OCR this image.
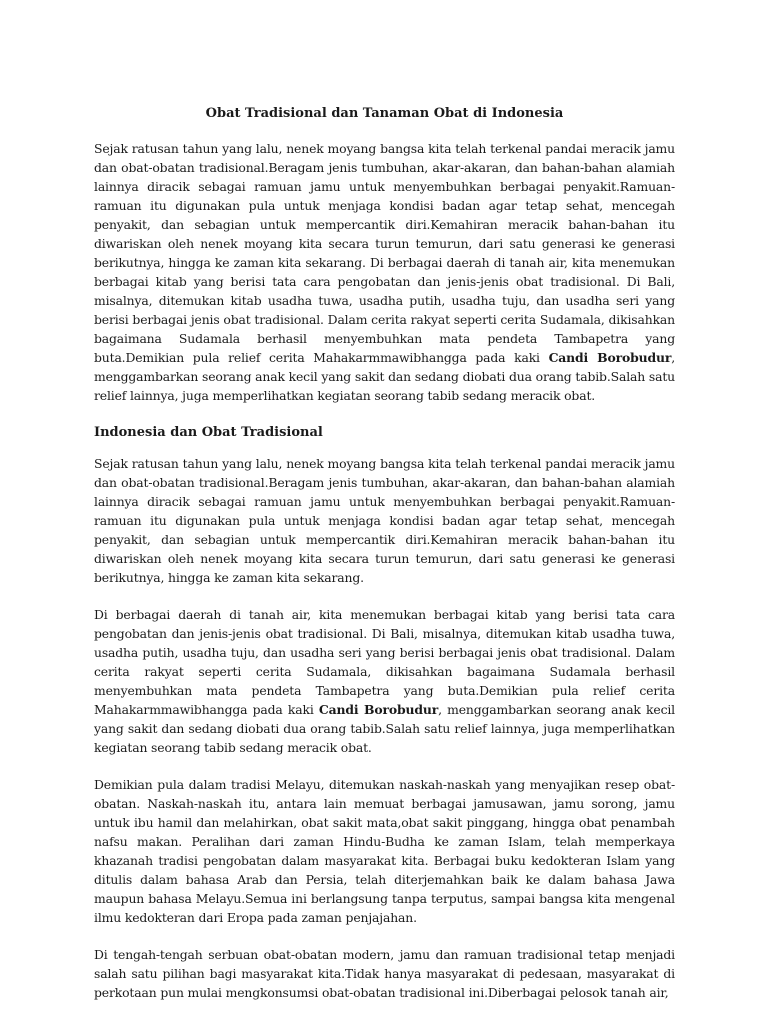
Obat Tradisional dan Tanaman Obat di Indonesia

Sejak ratusan tahun yang lalu, nenek moyang bangsa kita telah terkenal pandai meracik jamu dan obat-obatan tradisional.Beragam jenis tumbuhan, akar-akaran, dan bahan-bahan alamiah lainnya diracik sebagai ramuan jamu untuk menyembuhkan berbagai penyakit.Ramuan-ramuan itu digunakan pula untuk menjaga kondisi badan agar tetap sehat, mencegah penyakit, dan sebagian untuk mempercantik diri.Kemahiran meracik bahan-bahan itu diwariskan oleh nenek moyang kita secara turun temurun, dari satu generasi ke generasi berikutnya, hingga ke zaman kita sekarang. Di berbagai daerah di tanah air, kita menemukan berbagai kitab yang berisi tata cara pengobatan dan jenis-jenis obat tradisional. Di Bali, misalnya, ditemukan kitab usadha tuwa, usadha putih, usadha tuju, dan usadha seri yang berisi berbagai jenis obat tradisional. Dalam cerita rakyat seperti cerita Sudamala, dikisahkan bagaimana Sudamala berhasil menyembuhkan mata pendeta Tambapetra yang buta.Demikian pula relief cerita Mahakarmmawibhangga pada kaki Candi Borobudur, menggambarkan seorang anak kecil yang sakit dan sedang diobati dua orang tabib.Salah satu relief lainnya, juga memperlihatkan kegiatan seorang tabib sedang meracik obat.

Indonesia dan Obat Tradisional

Sejak ratusan tahun yang lalu, nenek moyang bangsa kita telah terkenal pandai meracik jamu dan obat-obatan tradisional.Beragam jenis tumbuhan, akar-akaran, dan bahan-bahan alamiah lainnya diracik sebagai ramuan jamu untuk menyembuhkan berbagai penyakit.Ramuan-ramuan itu digunakan pula untuk menjaga kondisi badan agar tetap sehat, mencegah penyakit, dan sebagian untuk mempercantik diri.Kemahiran meracik bahan-bahan itu diwariskan oleh nenek moyang kita secara turun temurun, dari satu generasi ke generasi berikutnya, hingga ke zaman kita sekarang.

Di berbagai daerah di tanah air, kita menemukan berbagai kitab yang berisi tata cara pengobatan dan jenis-jenis obat tradisional. Di Bali, misalnya, ditemukan kitab usadha tuwa, usadha putih, usadha tuju, dan usadha seri yang berisi berbagai jenis obat tradisional. Dalam cerita rakyat seperti cerita Sudamala, dikisahkan bagaimana Sudamala berhasil menyembuhkan mata pendeta Tambapetra yang buta.Demikian pula relief cerita Mahakarmmawibhangga pada kaki Candi Borobudur, menggambarkan seorang anak kecil yang sakit dan sedang diobati dua orang tabib.Salah satu relief lainnya, juga memperlihatkan kegiatan seorang tabib sedang meracik obat.

Demikian pula dalam tradisi Melayu, ditemukan naskah-naskah yang menyajikan resep obat-obatan. Naskah-naskah itu, antara lain memuat berbagai jamusawan, jamu sorong, jamu untuk ibu hamil dan melahirkan, obat sakit mata,obat sakit pinggang, hingga obat penambah nafsu makan. Peralihan dari zaman Hindu-Budha ke zaman Islam, telah memperkaya khazanah tradisi pengobatan dalam masyarakat kita. Berbagai buku kedokteran Islam yang ditulis dalam bahasa Arab dan Persia, telah diterjemahkan baik ke dalam bahasa Jawa maupun bahasa Melayu.Semua ini berlangsung tanpa terputus, sampai bangsa kita mengenal ilmu kedokteran dari Eropa pada zaman penjajahan.

Di tengah-tengah serbuan obat-obatan modern, jamu dan ramuan tradisional tetap menjadi salah satu pilihan bagi masyarakat kita.Tidak hanya masyarakat di pedesaan, masyarakat di perkotaan pun mulai mengkonsumsi obat-obatan tradisional ini.Diberbagai pelosok tanah air,
